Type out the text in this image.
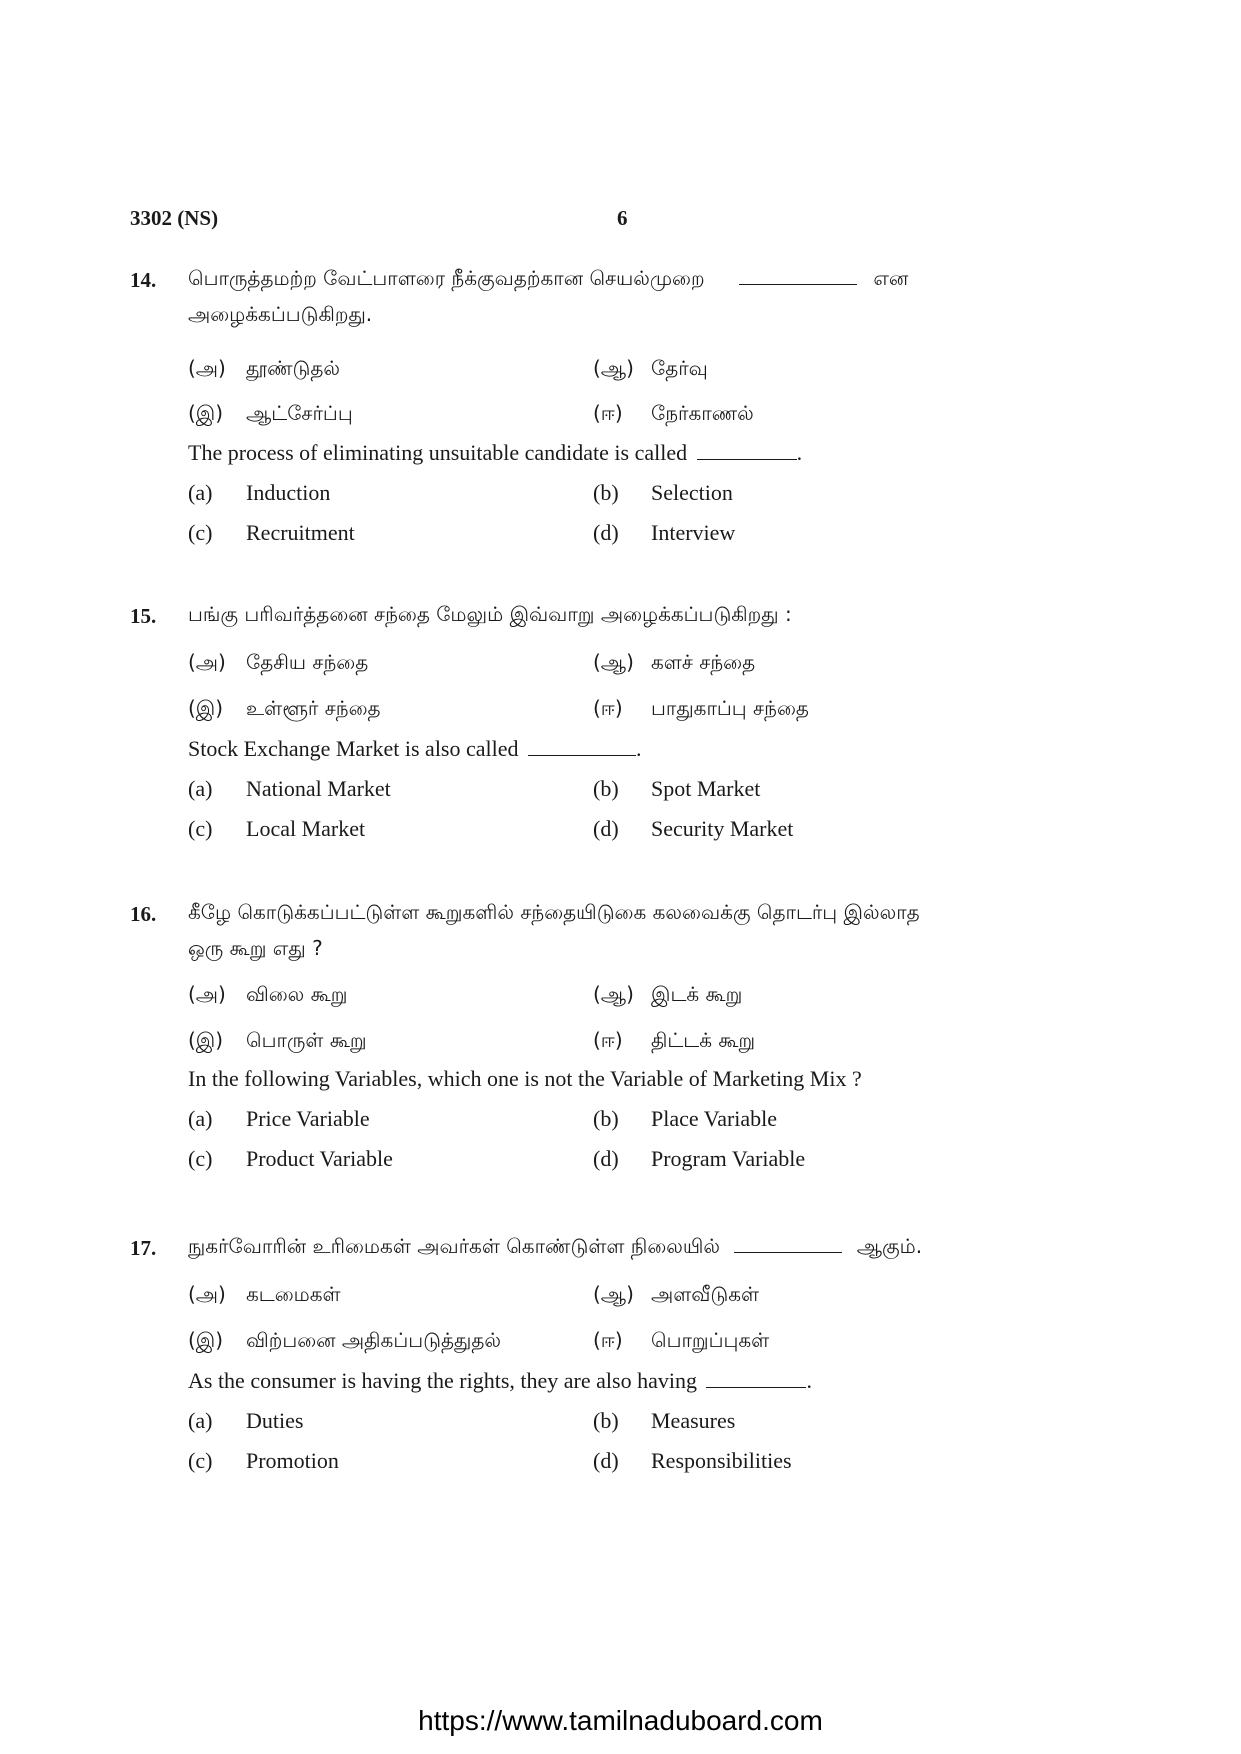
3302 (NS)	6
14. பொருத்தமற்ற வேட்பாளரை நீக்குவதற்கான செயல்முறை	என
அழைக்கப்படுகிறது.
(அ) தூண்டுதல்	(ஆ) தேர்வு
(இ) ஆட்சேர்ப்பு	(ஈ) நேர்காணல்
The process of eliminating unsuitable candidate is called	.
(a) Induction	(b) Selection
(c) Recruitment	(d) Interview
15. பங்கு பரிவர்த்தனை சந்தை மேலும் இவ்வாறு அழைக்கப்படுகிறது :
(அ) தேசிய சந்தை	(ஆ) களச் சந்தை
(இ) உள்ளூர் சந்தை	(ஈ) பாதுகாப்பு சந்தை
Stock Exchange Market is also called	.
(a) National Market	(b) Spot Market
(c) Local Market	(d) Security Market
16. கீழே கொடுக்கப்பட்டுள்ள கூறுகளில் சந்தையிடுகை கலவைக்கு தொடர்பு இல்லாத
ஒரு கூறு எது ?
(அ) விலை கூறு	(ஆ) இடக் கூறு
(இ) பொருள் கூறு	(ஈ) திட்டக் கூறு
In the following Variables, which one is not the Variable of Marketing Mix ?
(a) Price Variable	(b) Place Variable
(c) Product Variable	(d) Program Variable
17. நுகர்வோரின் உரிமைகள் அவர்கள் கொண்டுள்ள நிலையில்	ஆகும்.
(அ) கடமைகள்	(ஆ) அளவீடுகள்
(இ) விற்பனை அதிகப்படுத்துதல்	(ஈ) பொறுப்புகள்
As the consumer is having the rights, they are also having	.
(a) Duties	(b) Measures
(c) Promotion	(d) Responsibilities
https://www.tamilnaduboard.com
